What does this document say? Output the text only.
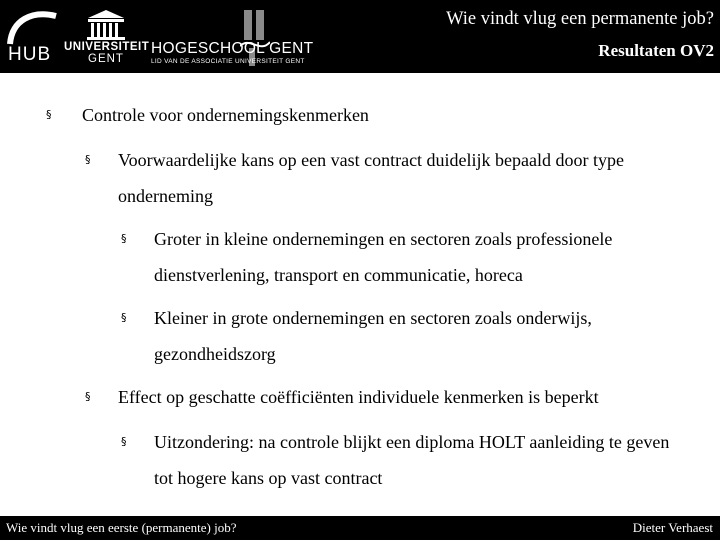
HUB UNIVERSITEIT
GENT
HOGESCHOOL GENT
LID VAN DE ASSOCIATIE UNIVERSITEIT GENT
Wie vindt vlug een permanente job?
Resultaten OV2
§ Controle voor ondernemingskenmerken
§ Voorwaardelijke kans op een vast contract duidelijk bepaald door type onderneming
§ Groter in kleine ondernemingen en sectoren zoals professionele dienstverlening, transport en communicatie, horeca
§ Kleiner in grote ondernemingen en sectoren zoals onderwijs, gezondheidszorg
§ Effect op geschatte coëfficiënten individuele kenmerken is beperkt
§ Uitzondering: na controle blijkt een diploma HOLT aanleiding te geven tot hogere kans op vast contract
Wie vindt vlug een eerste (permanente) job?	Dieter Verhaest
